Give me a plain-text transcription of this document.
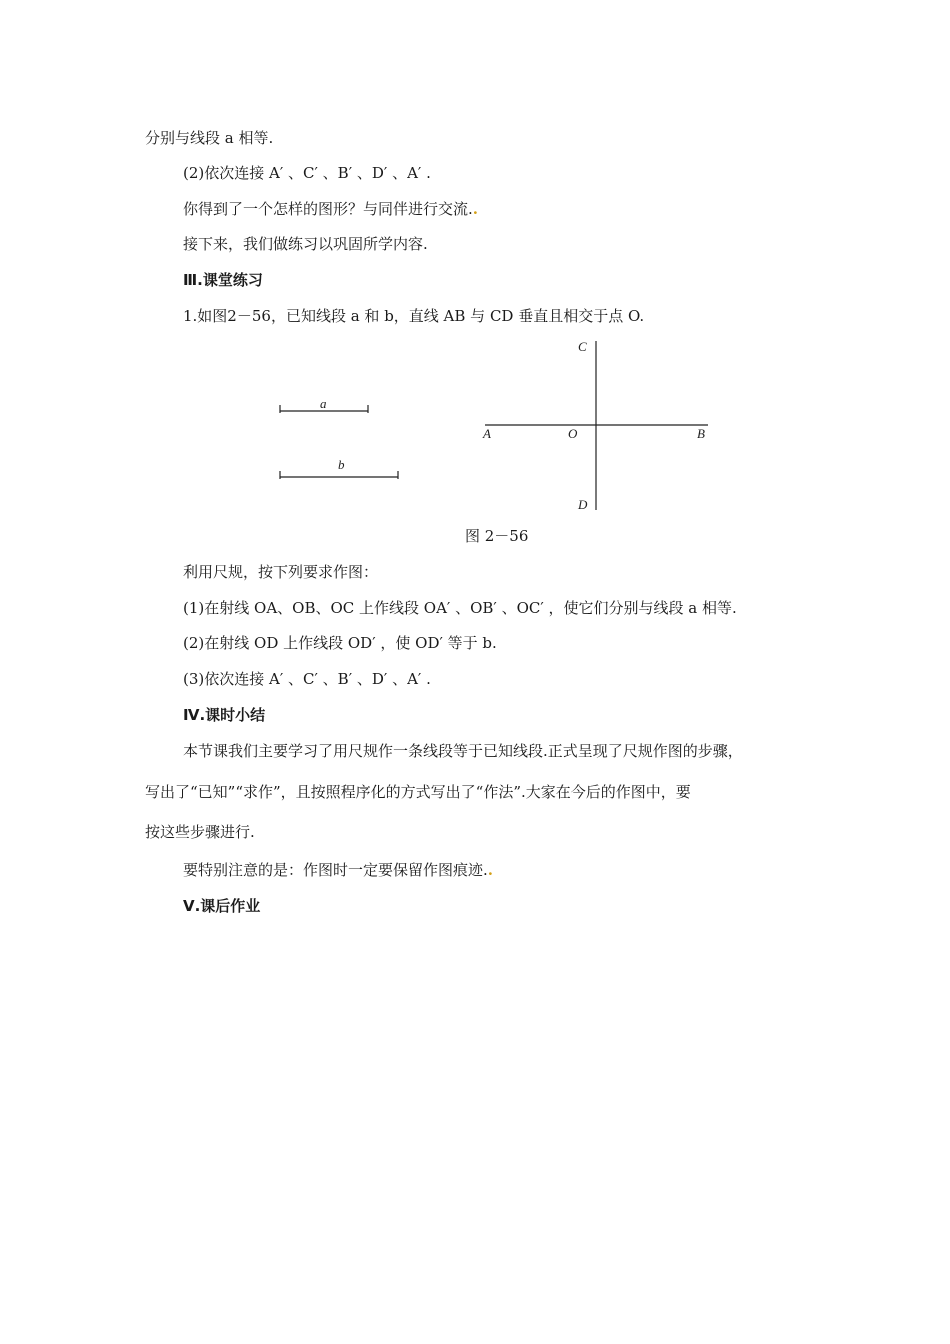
分别与线段 a 相等.
(2)依次连接 A′ 、C′ 、B′ 、D′ 、A′ .
你得到了一个怎样的图形？与同伴进行交流..
接下来，我们做练习以巩固所学内容.
Ⅲ.课堂练习
1.如图2－56，已知线段 a 和 b，直线 AB 与 CD 垂直且相交于点 O.
a
b
C
A	O	B
D
图 2－56
利用尺规，按下列要求作图：
(1)在射线 OA、OB、OC 上作线段 OA′ 、OB′ 、OC′ ，使它们分别与线段 a 相等.
(2)在射线 OD 上作线段 OD′ ，使 OD′ 等于 b.
(3)依次连接 A′ 、C′ 、B′ 、D′ 、A′ .
Ⅳ.课时小结
本节课我们主要学习了用尺规作一条线段等于已知线段.正式呈现了尺规作图的步骤，
写出了“已知”“求作”，且按照程序化的方式写出了“作法”.大家在今后的作图中，要
按这些步骤进行.
要特别注意的是：作图时一定要保留作图痕迹..
Ⅴ.课后作业
